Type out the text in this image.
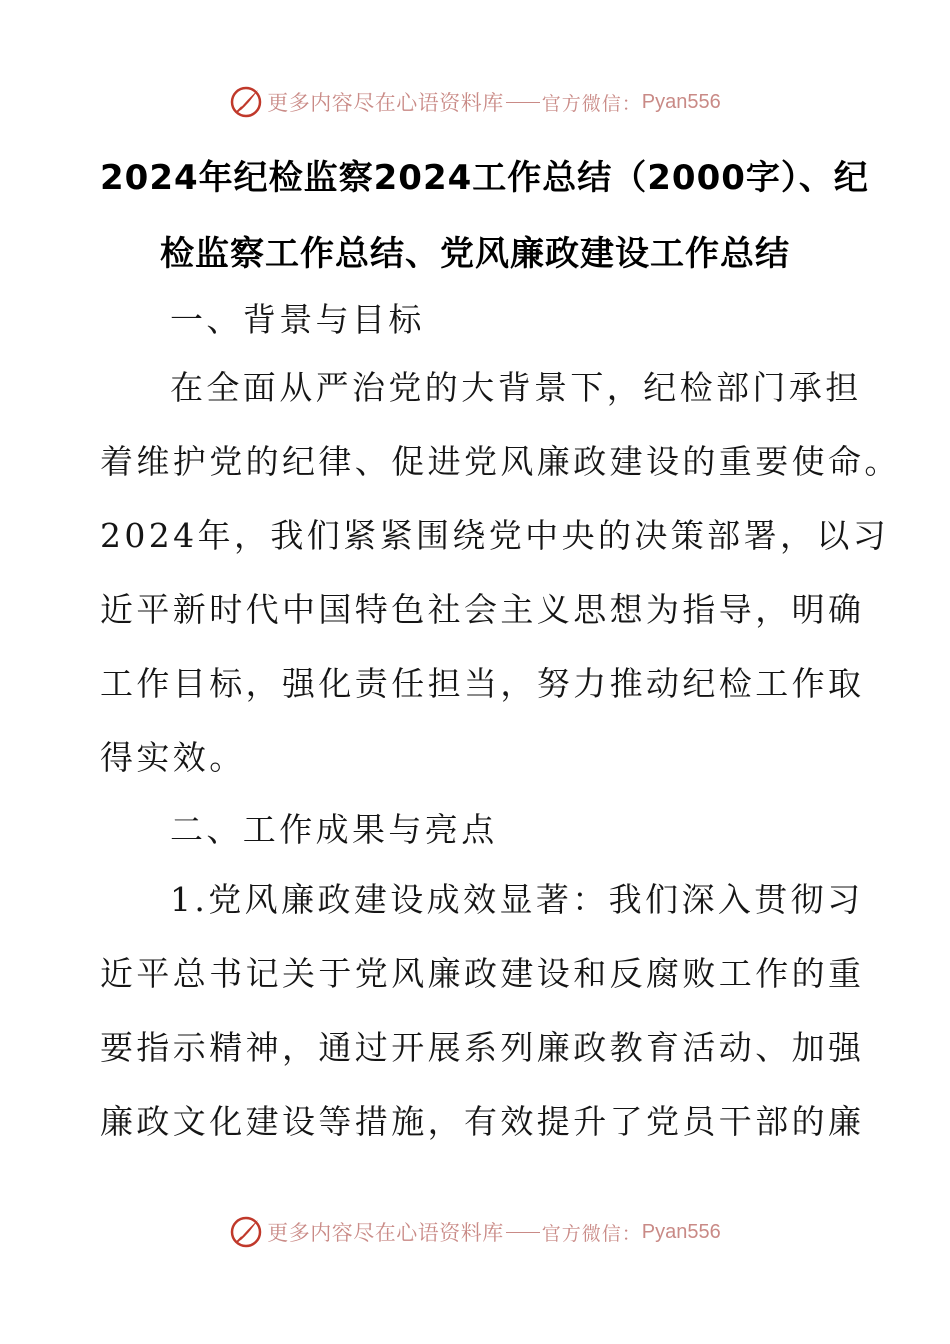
更多内容尽在心语资料库 官方微信： Pyan556
2024年纪检监察2024工作总结（2000字）、纪
检监察工作总结、党风廉政建设工作总结
一、背景与目标
在全面从严治党的大背景下，纪检部门承担
着维护党的纪律、促进党风廉政建设的重要使命。
2024年，我们紧紧围绕党中央的决策部署，以习
近平新时代中国特色社会主义思想为指导，明确
工作目标，强化责任担当，努力推动纪检工作取
得实效。
二、工作成果与亮点
1.党风廉政建设成效显著：我们深入贯彻习
近平总书记关于党风廉政建设和反腐败工作的重
要指示精神，通过开展系列廉政教育活动、加强
廉政文化建设等措施，有效提升了党员干部的廉
更多内容尽在心语资料库 官方微信： Pyan556
